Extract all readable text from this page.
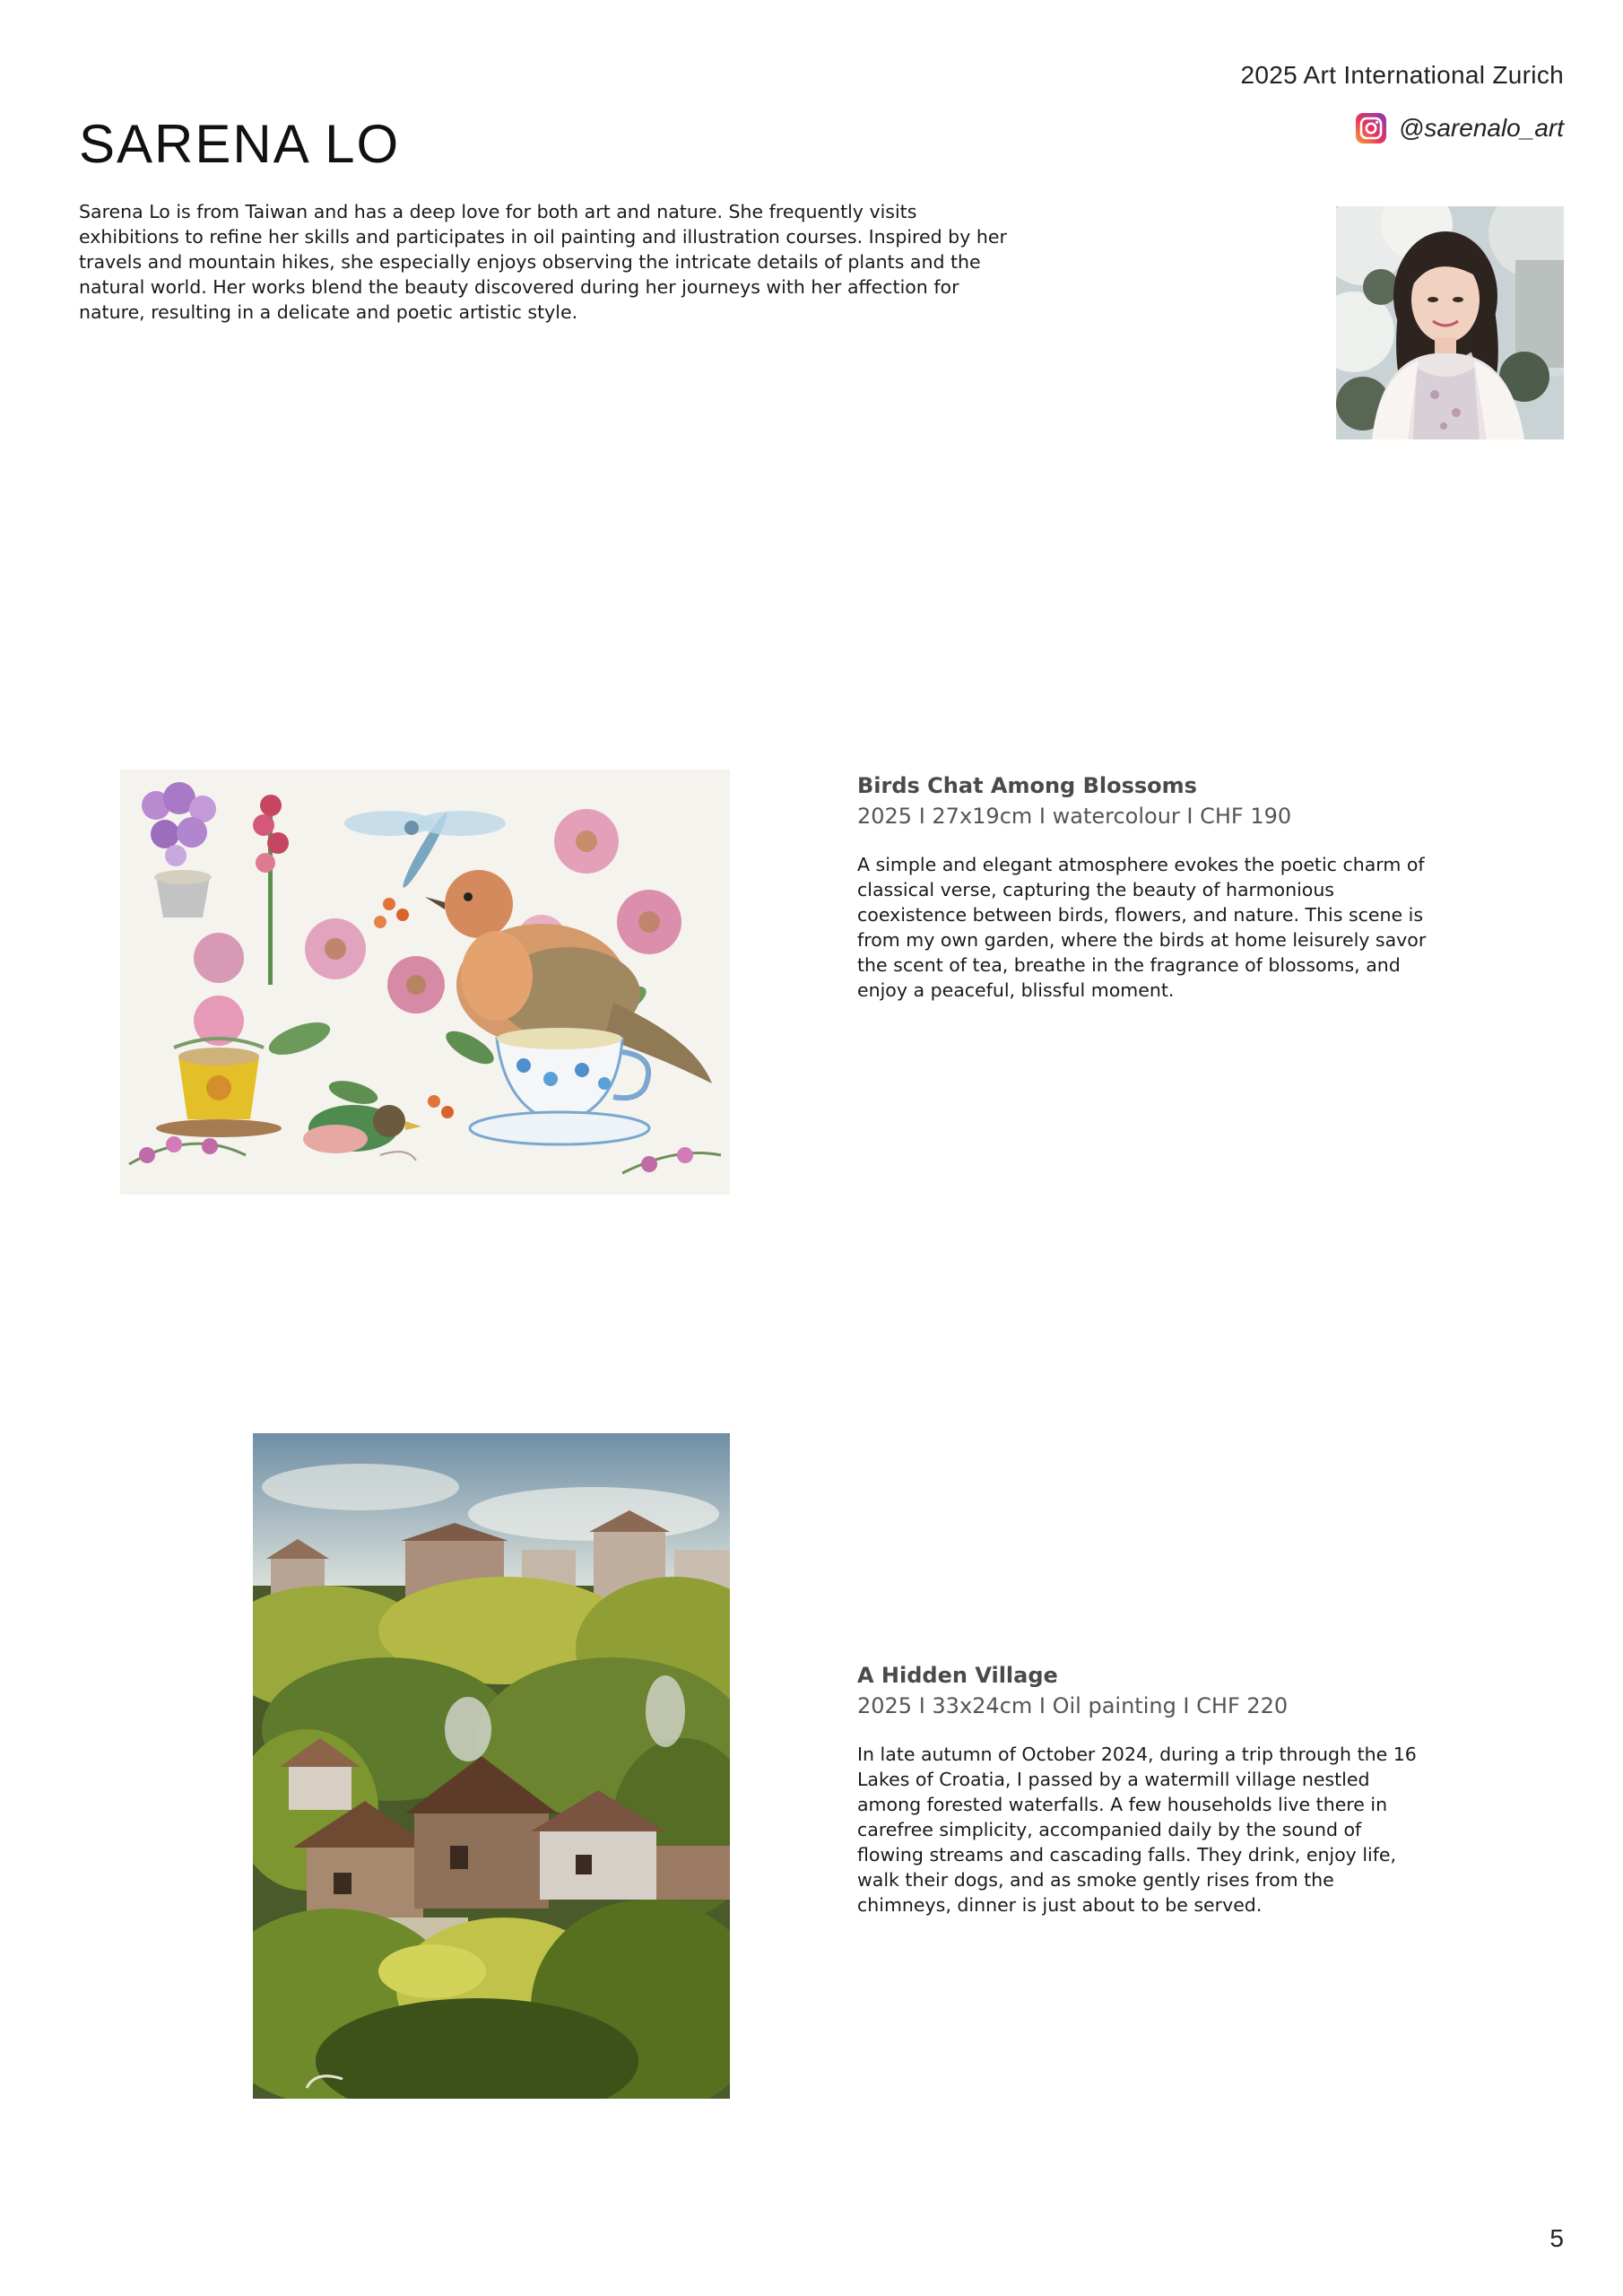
2025 Art International Zurich
@sarenalo_art
SARENA LO

Sarena Lo is from Taiwan and has a deep love for both art and nature. She frequently visits exhibitions to refine her skills and participates in oil painting and illustration courses. Inspired by her travels and mountain hikes, she especially enjoys observing the intricate details of plants and the natural world. Her works blend the beauty discovered during her journeys with her affection for nature, resulting in a delicate and poetic artistic style.

Birds Chat Among Blossoms

2025 I 27x19cm I watercolour I CHF 190

A simple and elegant atmosphere evokes the poetic charm of classical verse, capturing the beauty of harmonious coexistence between birds, flowers, and nature. This scene is from my own garden, where the birds at home leisurely savor the scent of tea, breathe in the fragrance of blossoms, and enjoy a peaceful, blissful moment.

A Hidden Village

2025 I 33x24cm I Oil painting I CHF 220

In late autumn of October 2024, during a trip through the 16 Lakes of Croatia, I passed by a watermill village nestled among forested waterfalls. A few households live there in carefree simplicity, accompanied daily by the sound of flowing streams and cascading falls. They drink, enjoy life, walk their dogs, and as smoke gently rises from the chimneys, dinner is just about to be served.

5
